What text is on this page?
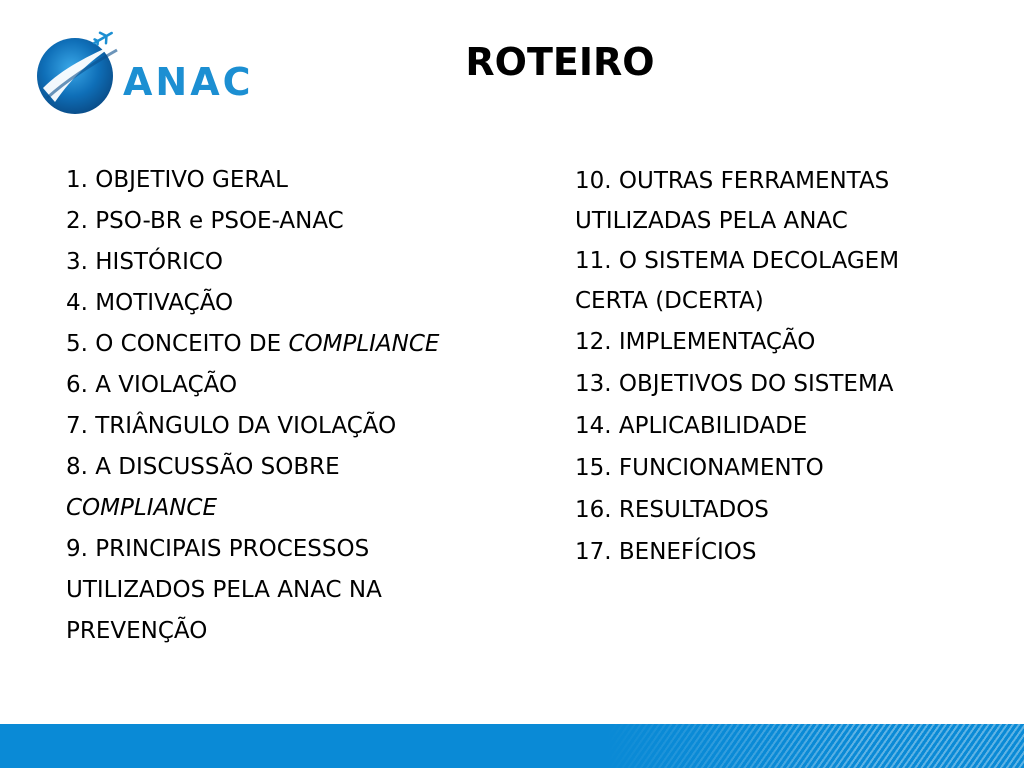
ANAC	ROTEIRO
1. OBJETIVO GERAL
2. PSO-BR e PSOE-ANAC
3. HISTÓRICO
4. MOTIVAÇÃO
5. O CONCEITO DE COMPLIANCE
6. A VIOLAÇÃO
7. TRIÂNGULO DA VIOLAÇÃO
8. A DISCUSSÃO SOBRE
COMPLIANCE
9. PRINCIPAIS PROCESSOS
UTILIZADOS PELA ANAC NA
PREVENÇÃO
10. OUTRAS FERRAMENTAS
UTILIZADAS PELA ANAC
11. O SISTEMA DECOLAGEM
CERTA (DCERTA)
12. IMPLEMENTAÇÃO
13. OBJETIVOS DO SISTEMA
14. APLICABILIDADE
15. FUNCIONAMENTO
16. RESULTADOS
17. BENEFÍCIOS
